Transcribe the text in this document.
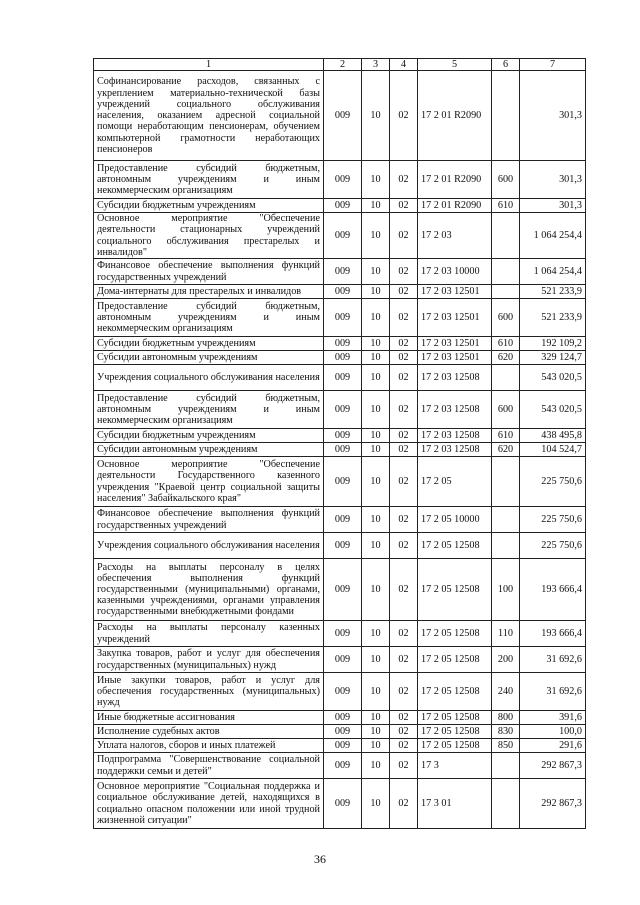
1	2	3	4	5	6	7
Софинансирование расходов, связанных с укреплением материально-технической базы учреждений социального обслуживания населения, оказанием адресной социальной помощи неработающим пенсионерам, обучением компьютерной грамотности неработающих пенсионеров	009	10	02	17 2 01 R2090		301,3
Предоставление субсидий бюджетным, автономным учреждениям и иным некоммерческим организациям	009	10	02	17 2 01 R2090	600	301,3
Субсидии бюджетным учреждениям	009	10	02	17 2 01 R2090	610	301,3
Основное мероприятие "Обеспечение деятельности стационарных учреждений социального обслуживания престарелых и инвалидов"	009	10	02	17 2 03		1 064 254,4
Финансовое обеспечение выполнения функций государственных учреждений	009	10	02	17 2 03 10000		1 064 254,4
Дома-интернаты для престарелых и инвалидов	009	10	02	17 2 03 12501		521 233,9
Предоставление субсидий бюджетным, автономным учреждениям и иным некоммерческим организациям	009	10	02	17 2 03 12501	600	521 233,9
Субсидии бюджетным учреждениям	009	10	02	17 2 03 12501	610	192 109,2
Субсидии автономным учреждениям	009	10	02	17 2 03 12501	620	329 124,7
Учреждения социального обслуживания населения	009	10	02	17 2 03 12508		543 020,5
Предоставление субсидий бюджетным, автономным учреждениям и иным некоммерческим организациям	009	10	02	17 2 03 12508	600	543 020,5
Субсидии бюджетным учреждениям	009	10	02	17 2 03 12508	610	438 495,8
Субсидии автономным учреждениям	009	10	02	17 2 03 12508	620	104 524,7
Основное мероприятие "Обеспечение деятельности Государственного казенного учреждения "Краевой центр социальной защиты населения" Забайкальского края"	009	10	02	17 2 05		225 750,6
Финансовое обеспечение выполнения функций государственных учреждений	009	10	02	17 2 05 10000		225 750,6
Учреждения социального обслуживания населения	009	10	02	17 2 05 12508		225 750,6
Расходы на выплаты персоналу в целях обеспечения выполнения функций государственными (муниципальными) органами, казенными учреждениями, органами управления государственными внебюджетными фондами	009	10	02	17 2 05 12508	100	193 666,4
Расходы на выплаты персоналу казенных учреждений	009	10	02	17 2 05 12508	110	193 666,4
Закупка товаров, работ и услуг для обеспечения государственных (муниципальных) нужд	009	10	02	17 2 05 12508	200	31 692,6
Иные закупки товаров, работ и услуг для обеспечения государственных (муниципальных) нужд	009	10	02	17 2 05 12508	240	31 692,6
Иные бюджетные ассигнования	009	10	02	17 2 05 12508	800	391,6
Исполнение судебных актов	009	10	02	17 2 05 12508	830	100,0
Уплата налогов, сборов и иных платежей	009	10	02	17 2 05 12508	850	291,6
Подпрограмма "Совершенствование социальной поддержки семьи и детей"	009	10	02	17 3		292 867,3
Основное мероприятие "Социальная поддержка и социальное обслуживание детей, находящихся в социально опасном положении или иной трудной жизненной ситуации"	009	10	02	17 3 01		292 867,3
36
